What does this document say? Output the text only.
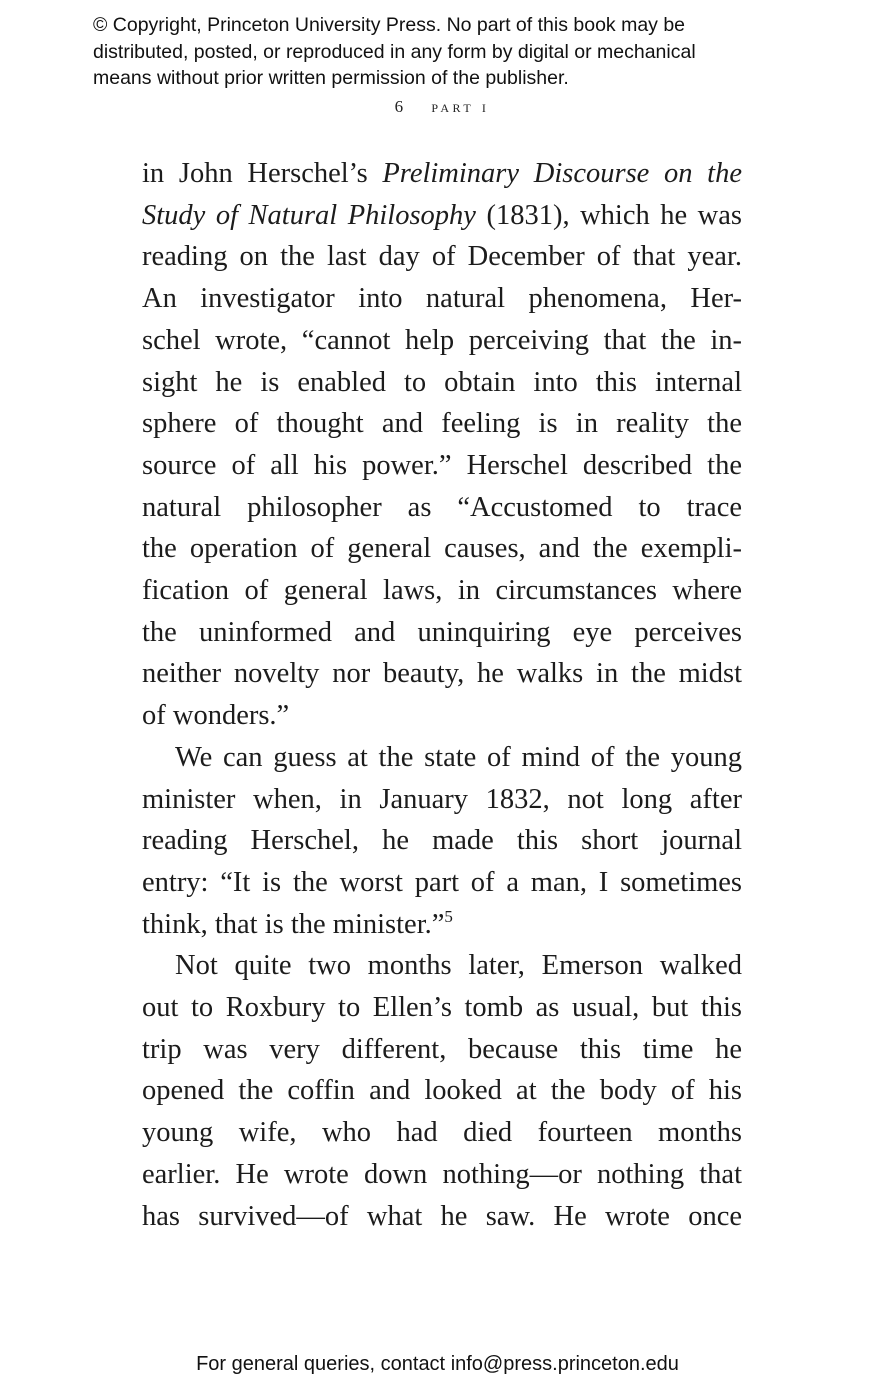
© Copyright, Princeton University Press. No part of this book may be
distributed, posted, or reproduced in any form by digital or mechanical
means without prior written permission of the publisher.
6 part i
in John Herschel’s Preliminary Discourse on the
Study of Natural Philosophy (1831), which he was
reading on the last day of December of that year.
An investigator into natural phenomena, Her-
schel wrote, “cannot help perceiving that the in-
sight he is enabled to obtain into this internal
sphere of thought and feeling is in reality the
source of all his power.” Herschel described the
natural philosopher as “Accustomed to trace
the operation of general causes, and the exempli-
fication of general laws, in circumstances where
the uninformed and uninquiring eye perceives
neither novelty nor beauty, he walks in the midst
of wonders.”
We can guess at the state of mind of the young
minister when, in January 1832, not long after
reading Herschel, he made this short journal
entry: “It is the worst part of a man, I sometimes
think, that is the minister.”$^5$
Not quite two months later, Emerson walked
out to Roxbury to Ellen’s tomb as usual, but this
trip was very different, because this time he
opened the coffin and looked at the body of his
young wife, who had died fourteen months
earlier. He wrote down nothing—or nothing that
has survived—of what he saw. He wrote once
For general queries, contact info@press.princeton.edu
